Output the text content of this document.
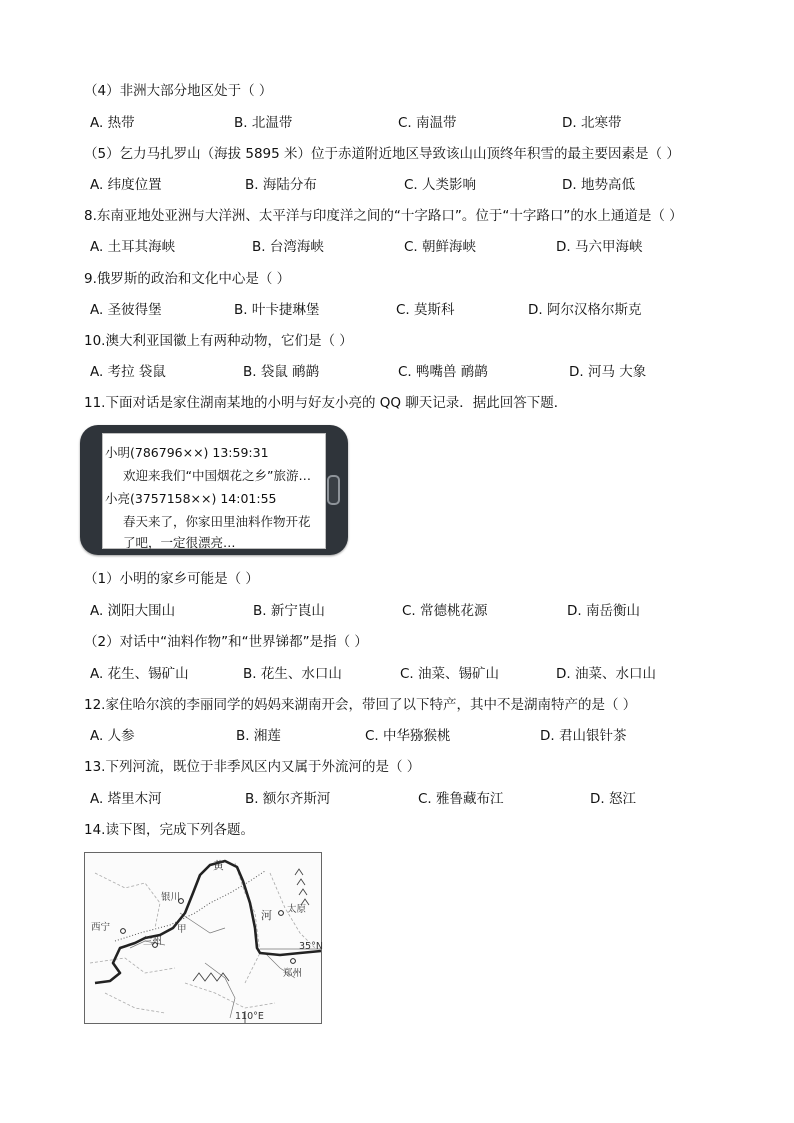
（4）非洲大部分地区处于（ ）
A. 热带	B. 北温带	C. 南温带	D. 北寒带
（5）乞力马扎罗山（海拔 5895 米）位于赤道附近地区导致该山山顶终年积雪的最主要因素是（ ）
A. 纬度位置	B. 海陆分布	C. 人类影响	D. 地势高低
8.东南亚地处亚洲与大洋洲、太平洋与印度洋之间的“十字路口”。位于“十字路口”的水上通道是（ ）
A. 土耳其海峡	B. 台湾海峡	C. 朝鲜海峡	D. 马六甲海峡
9.俄罗斯的政治和文化中心是（ ）
A. 圣彼得堡	B. 叶卡捷琳堡	C. 莫斯科	D. 阿尔汉格尔斯克
10.澳大利亚国徽上有两种动物，它们是（ ）
A. 考拉 袋鼠	B. 袋鼠 鸸鹋	C. 鸭嘴兽 鸸鹋	D. 河马 大象
11.下面对话是家住湖南某地的小明与好友小亮的 QQ 聊天记录．据此回答下题．
小明(786796××) 13:59:31
欢迎来我们“中国烟花之乡”旅游…
小亮(3757158××) 14:01:55
春天来了，你家田里油料作物开花
了吧，一定很漂亮…
（1）小明的家乡可能是（ ）
A. 浏阳大围山	B. 新宁崀山	C. 常德桃花源	D. 南岳衡山
（2）对话中“油料作物”和“世界锑都”是指（ ）
A. 花生、锡矿山	B. 花生、水口山	C. 油菜、锡矿山	D. 油菜、水口山
12.家住哈尔滨的李丽同学的妈妈来湖南开会，带回了以下特产，其中不是湖南特产的是（ ）
A. 人参	B. 湘莲	C. 中华猕猴桃	D. 君山银针茶
13.下列河流，既位于非季风区内又属于外流河的是（ ）
A. 塔里木河	B. 额尔齐斯河	C. 雅鲁藏布江	D. 怒江
14.读下图，完成下列各题。
黄
河
银川
西宁	甲
兰州
太原
郑州
35°N
110°E
